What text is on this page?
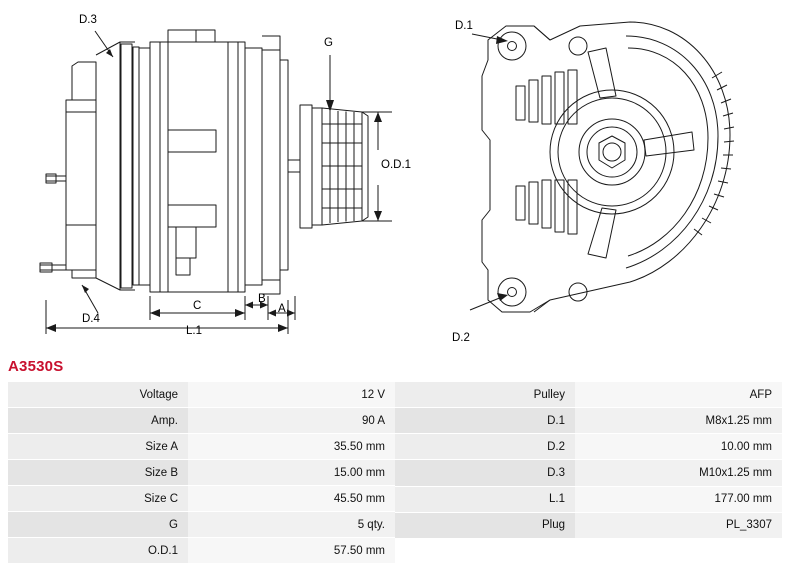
D.3
G
O.D.1
C
B
A
D.4
L.1
D.1
D.2
A3530S
Voltage	12 V
Amp.	90 A
Size A	35.50 mm
Size B	15.00 mm
Size C	45.50 mm
G	5 qty.
O.D.1	57.50 mm
Pulley	AFP
D.1	M8x1.25 mm
D.2	10.00 mm
D.3	M10x1.25 mm
L.1	177.00 mm
Plug	PL_3307
